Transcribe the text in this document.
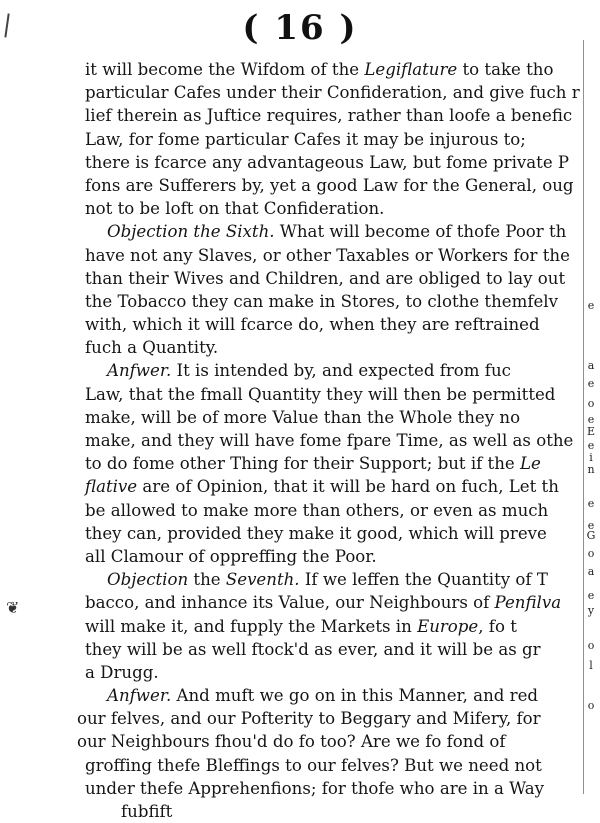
( 16 )
it will become the Wifdom of the Legiflature to take tho
particular Cafes under their Confideration, and give fuch r
lief therein as Juftice requires, rather than loofe a benefic
Law, for fome particular Cafes it may be injurous to;
there is fcarce any advantageous Law, but fome private P
fons are Sufferers by, yet a good Law for the General, oug
not to be loft on that Confideration.
Objection the Sixth. What will become of thofe Poor th
have not any Slaves, or other Taxables or Workers for the
than their Wives and Children, and are obliged to lay out
the Tobacco they can make in Stores, to clothe themfelv
with, which it will fcarce do, when they are reftrained
fuch a Quantity.
Anfwer. It is intended by, and expected from fuc
Law, that the fmall Quantity they will then be permitted
make, will be of more Value than the Whole they no
make, and they will have fome fpare Time, as well as othe
to do fome other Thing for their Support; but if the Le
flative are of Opinion, that it will be hard on fuch, Let th
be allowed to make more than others, or even as much
they can, provided they make it good, which will preve
all Clamour of oppreffing the Poor.
Objection the Seventh. If we leffen the Quantity of T
bacco, and inhance its Value, our Neighbours of Penfilva
will make it, and fupply the Markets in Europe, fo t
they will be as well ftock'd as ever, and it will be as gr
a Drugg.
Anfwer. And muft we go on in this Manner, and red
our felves, and our Pofterity to Beggary and Mifery, for
our Neighbours fhou'd do fo too? Are we fo fond of
groffing thefe Bleffings to our felves? But we need not
under thefe Apprehenfions; for thofe who are in a Way
fubfift
❦
e
a
e
o
e
E
e
i
n
e
e
G
o
a
e
y
o
l
o
